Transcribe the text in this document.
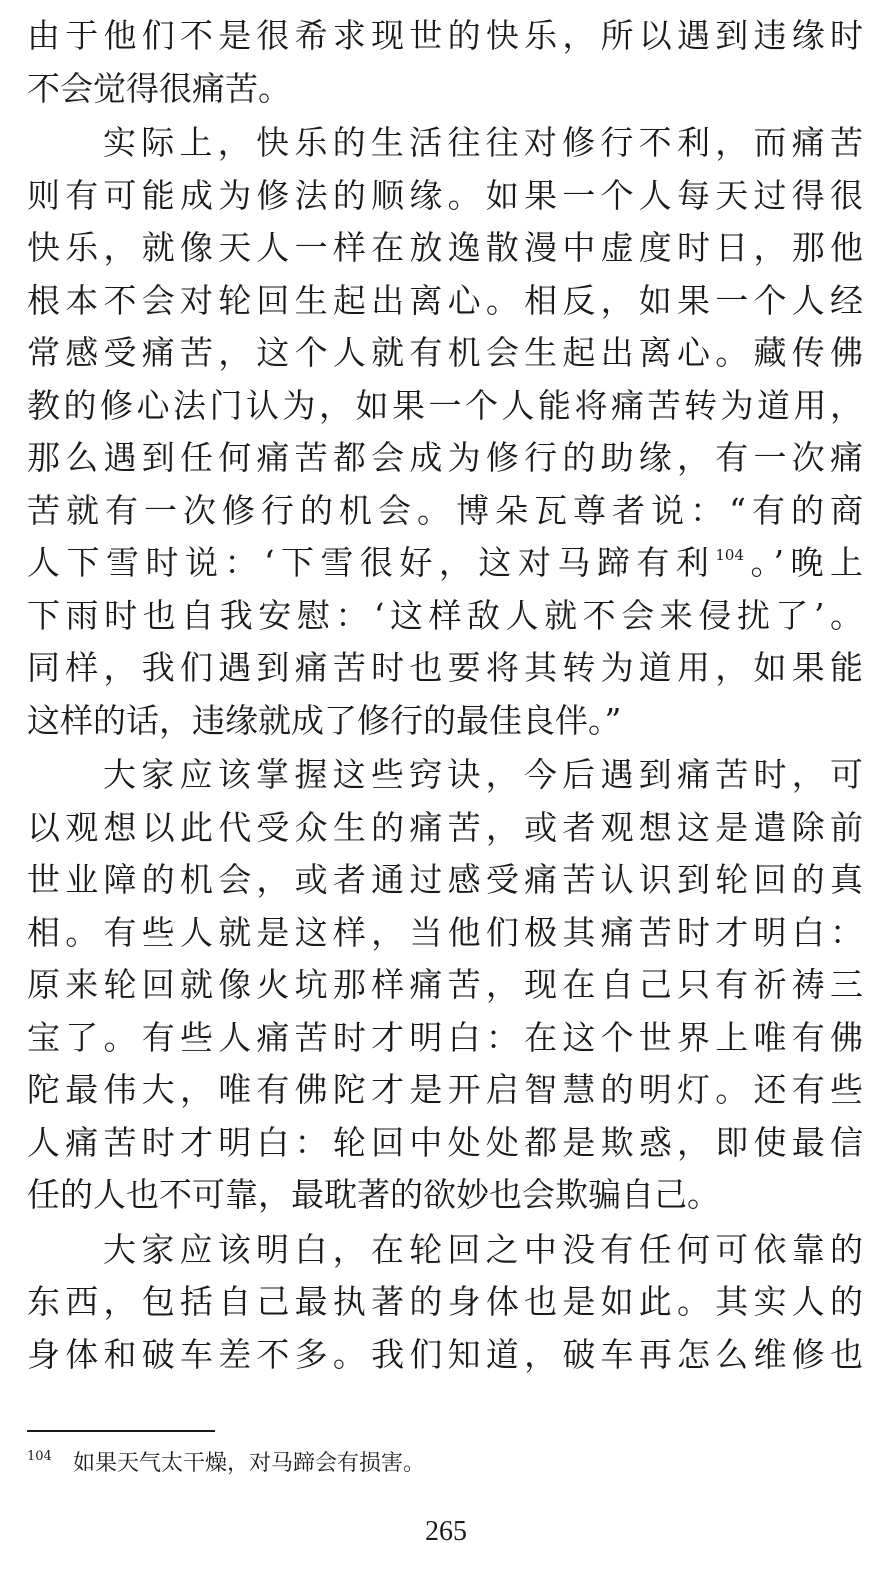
由于他们不是很希求现世的快乐，所以遇到违缘时
不会觉得很痛苦。
实际上，快乐的生活往往对修行不利，而痛苦
则有可能成为修法的顺缘。如果一个人每天过得很
快乐，就像天人一样在放逸散漫中虚度时日，那他
根本不会对轮回生起出离心。相反，如果一个人经
常感受痛苦，这个人就有机会生起出离心。藏传佛
教的修心法门认为，如果一个人能将痛苦转为道用，
那么遇到任何痛苦都会成为修行的助缘，有一次痛
苦就有一次修行的机会。博朵瓦尊者说：“有的商
人下雪时说：‘下雪很好，这对马蹄有利$^{104}$。’晚上
下雨时也自我安慰：‘这样敌人就不会来侵扰了’。
同样，我们遇到痛苦时也要将其转为道用，如果能
这样的话，违缘就成了修行的最佳良伴。”
大家应该掌握这些窍诀，今后遇到痛苦时，可
以观想以此代受众生的痛苦，或者观想这是遣除前
世业障的机会，或者通过感受痛苦认识到轮回的真
相。有些人就是这样，当他们极其痛苦时才明白：
原来轮回就像火坑那样痛苦，现在自己只有祈祷三
宝了。有些人痛苦时才明白：在这个世界上唯有佛
陀最伟大，唯有佛陀才是开启智慧的明灯。还有些
人痛苦时才明白：轮回中处处都是欺惑，即使最信
任的人也不可靠，最耽著的欲妙也会欺骗自己。
大家应该明白，在轮回之中没有任何可依靠的
东西，包括自己最执著的身体也是如此。其实人的
身体和破车差不多。我们知道，破车再怎么维修也
104 如果天气太干燥，对马蹄会有损害。
265
